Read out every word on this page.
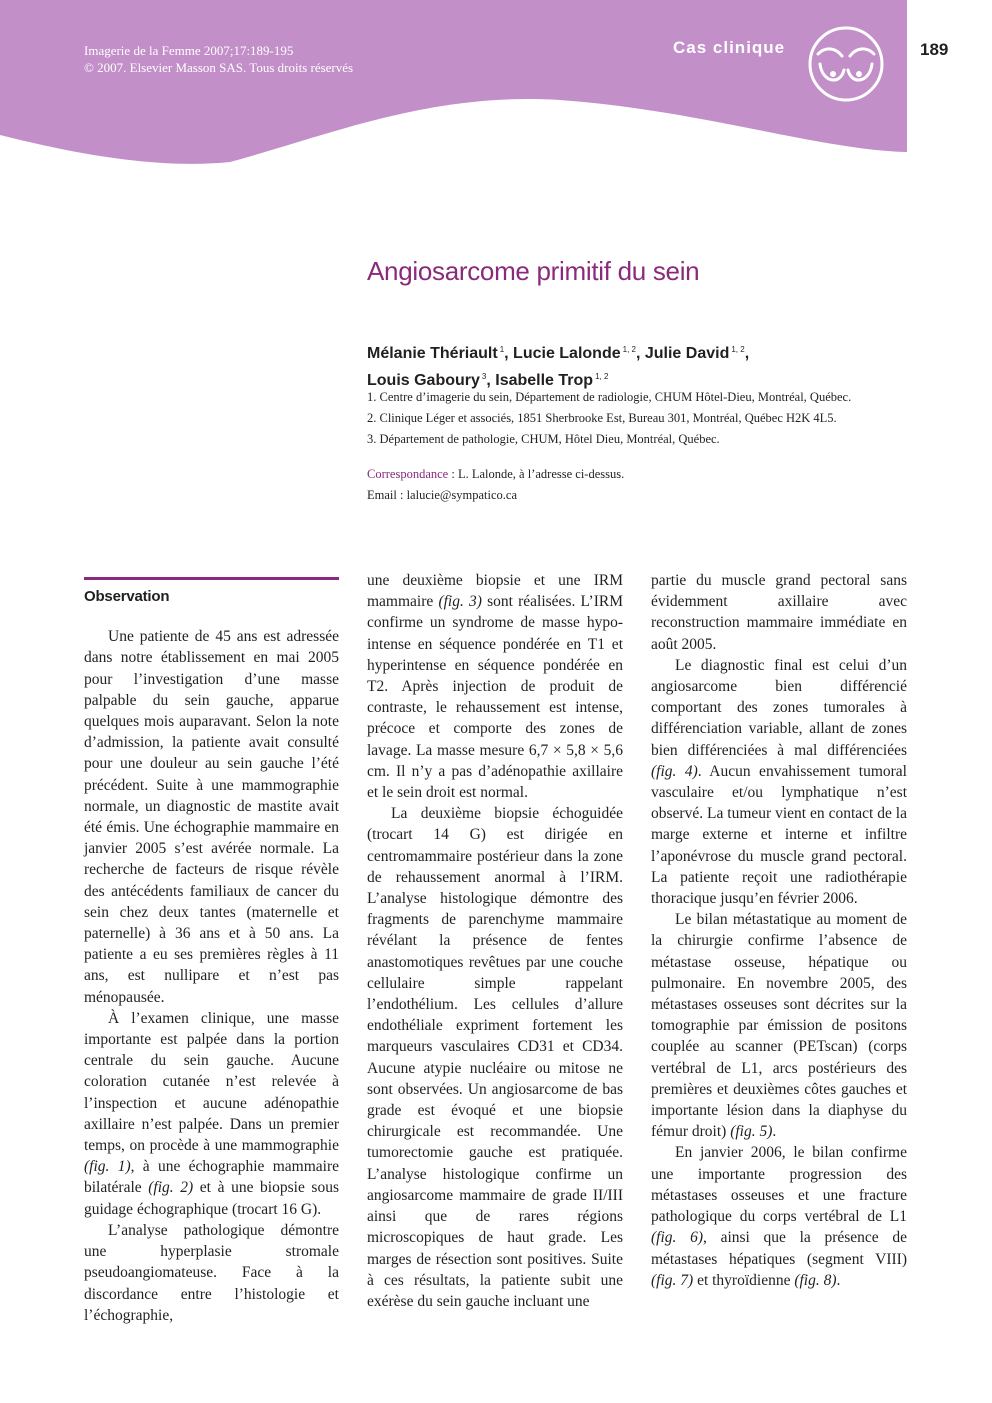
Imagerie de la Femme 2007;17:189-195
© 2007. Elsevier Masson SAS. Tous droits réservés
Cas clinique	189
Angiosarcome primitif du sein
Mélanie Thériault $^1$, Lucie Lalonde $^{1, 2}$, Julie David $^{1, 2}$,
Louis Gaboury $^3$, Isabelle Trop $^{1, 2}$
1. Centre d’imagerie du sein, Département de radiologie, CHUM Hôtel-Dieu, Montréal, Québec.
2. Clinique Léger et associés, 1851 Sherbrooke Est, Bureau 301, Montréal, Québec H2K 4L5.
3. Département de pathologie, CHUM, Hôtel Dieu, Montréal, Québec.
Correspondance : L. Lalonde, à l’adresse ci-dessus.
Email : lalucie@sympatico.ca
Observation

Une patiente de 45 ans est adressée dans notre établissement en mai 2005 pour l’investigation d’une masse palpable du sein gauche, apparue quelques mois auparavant. Selon la note d’admission, la patiente avait consulté pour une douleur au sein gauche l’été précédent. Suite à une mammographie normale, un diagnostic de mastite avait été émis. Une échographie mammaire en janvier 2005 s’est avérée normale. La recherche de facteurs de risque révèle des antécédents familiaux de cancer du sein chez deux tantes (maternelle et paternelle) à 36 ans et à 50 ans. La patiente a eu ses premières règles à 11 ans, est nullipare et n’est pas ménopausée.

À l’examen clinique, une masse importante est palpée dans la portion centrale du sein gauche. Aucune coloration cutanée n’est relevée à l’inspection et aucune adénopathie axillaire n’est palpée. Dans un premier temps, on procède à une mammographie (fig. 1), à une échographie mammaire bilatérale (fig. 2) et à une biopsie sous guidage échographique (trocart 16 G).

L’analyse pathologique démontre une hyperplasie stromale pseudoangiomateuse. Face à la discordance entre l’histologie et l’échographie,

une deuxième biopsie et une IRM mammaire (fig. 3) sont réalisées. L’IRM confirme un syndrome de masse hypo-intense en séquence pondérée en T1 et hyperintense en séquence pondérée en T2. Après injection de produit de contraste, le rehaussement est intense, précoce et comporte des zones de lavage. La masse mesure 6,7 × 5,8 × 5,6 cm. Il n’y a pas d’adénopathie axillaire et le sein droit est normal.

La deuxième biopsie échoguidée (trocart 14 G) est dirigée en centromammaire postérieur dans la zone de rehaussement anormal à l’IRM. L’analyse histologique démontre des fragments de parenchyme mammaire révélant la présence de fentes anastomotiques revêtues par une couche cellulaire simple rappelant l’endothélium. Les cellules d’allure endothéliale expriment fortement les marqueurs vasculaires CD31 et CD34. Aucune atypie nucléaire ou mitose ne sont observées. Un angiosarcome de bas grade est évoqué et une biopsie chirurgicale est recommandée. Une tumorectomie gauche est pratiquée. L’analyse histologique confirme un angiosarcome mammaire de grade II/III ainsi que de rares régions microscopiques de haut grade. Les marges de résection sont positives. Suite à ces résultats, la patiente subit une exérèse du sein gauche incluant une

partie du muscle grand pectoral sans évidemment axillaire avec reconstruction mammaire immédiate en août 2005.

Le diagnostic final est celui d’un angiosarcome bien différencié comportant des zones tumorales à différenciation variable, allant de zones bien différenciées à mal différenciées (fig. 4). Aucun envahissement tumoral vasculaire et/ou lymphatique n’est observé. La tumeur vient en contact de la marge externe et interne et infiltre l’aponévrose du muscle grand pectoral. La patiente reçoit une radiothérapie thoracique jusqu’en février 2006.

Le bilan métastatique au moment de la chirurgie confirme l’absence de métastase osseuse, hépatique ou pulmonaire. En novembre 2005, des métastases osseuses sont décrites sur la tomographie par émission de positons couplée au scanner (PETscan) (corps vertébral de L1, arcs postérieurs des premières et deuxièmes côtes gauches et importante lésion dans la diaphyse du fémur droit) (fig. 5).

En janvier 2006, le bilan confirme une importante progression des métastases osseuses et une fracture pathologique du corps vertébral de L1 (fig. 6), ainsi que la présence de métastases hépatiques (segment VIII) (fig. 7) et thyroïdienne (fig. 8).
